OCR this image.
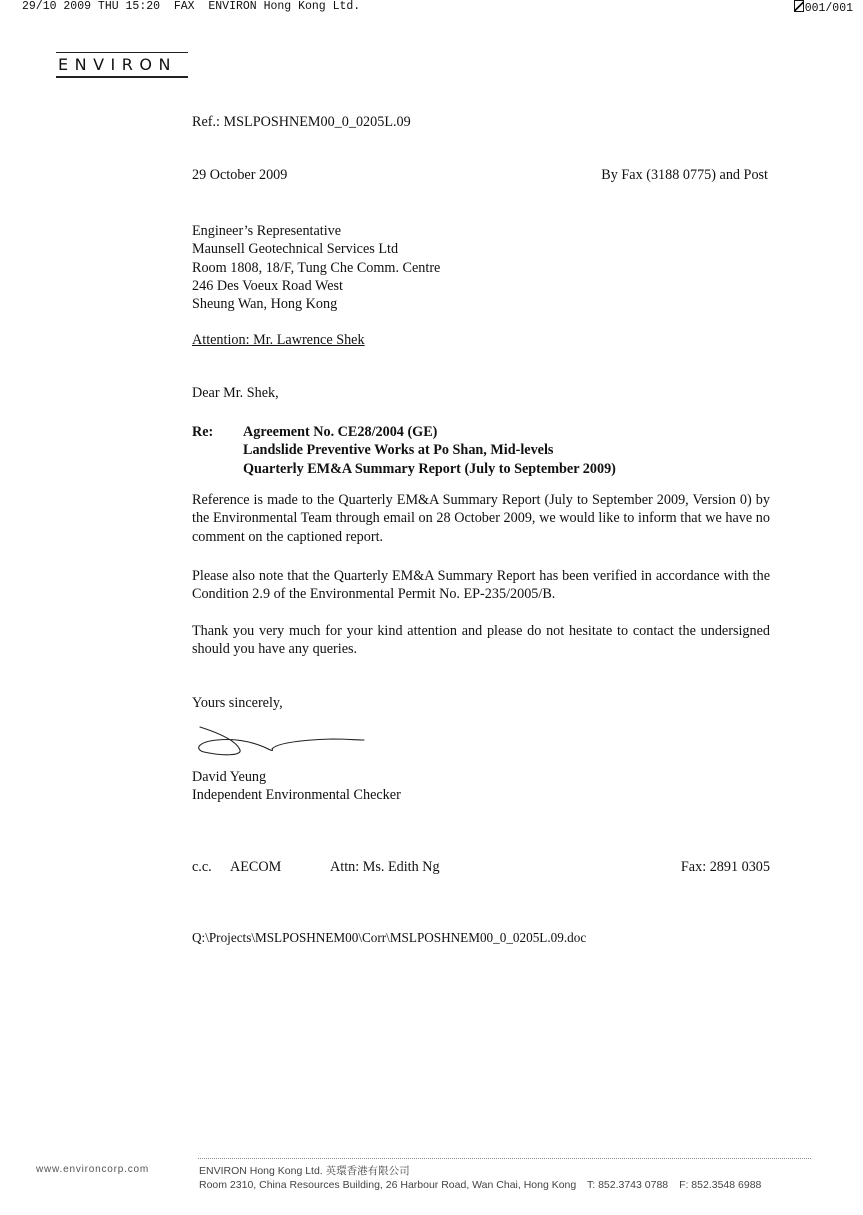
29/10 2009 THU 15:20 FAX ENVIRON Hong Kong Ltd.

	001/001

ENVIRON
Ref.: MSLPOSHNEM00_0_0205L.09
29 October 2009	By Fax (3188 0775) and Post
Engineer’s Representative
Maunsell Geotechnical Services Ltd
Room 1808, 18/F, Tung Che Comm. Centre
246 Des Voeux Road West
Sheung Wan, Hong Kong
Attention: Mr. Lawrence Shek
Dear Mr. Shek,
Re: Agreement No. CE28/2004 (GE)
Landslide Preventive Works at Po Shan, Mid-levels
Quarterly EM&A Summary Report (July to September 2009)
Reference is made to the Quarterly EM&A Summary Report (July to September 2009, Version 0) by the Environmental Team through email on 28 October 2009, we would like to inform that we have no comment on the captioned report.
Please also note that the Quarterly EM&A Summary Report has been verified in accordance with the Condition 2.9 of the Environmental Permit No. EP-235/2005/B.
Thank you very much for your kind attention and please do not hesitate to contact the undersigned should you have any queries.
Yours sincerely,
David Yeung
Independent Environmental Checker
c.c. AECOM	Attn: Ms. Edith Ng	Fax: 2891 0305
Q:\Projects\MSLPOSHNEM00\Corr\MSLPOSHNEM00_0_0205L.09.doc
www.environcorp.com	ENVIRON Hong Kong Ltd. 英環香港有限公司
Room 2310, China Resources Building, 26 Harbour Road, Wan Chai, Hong Kong T: 852.3743 0788 F: 852.3548 6988
